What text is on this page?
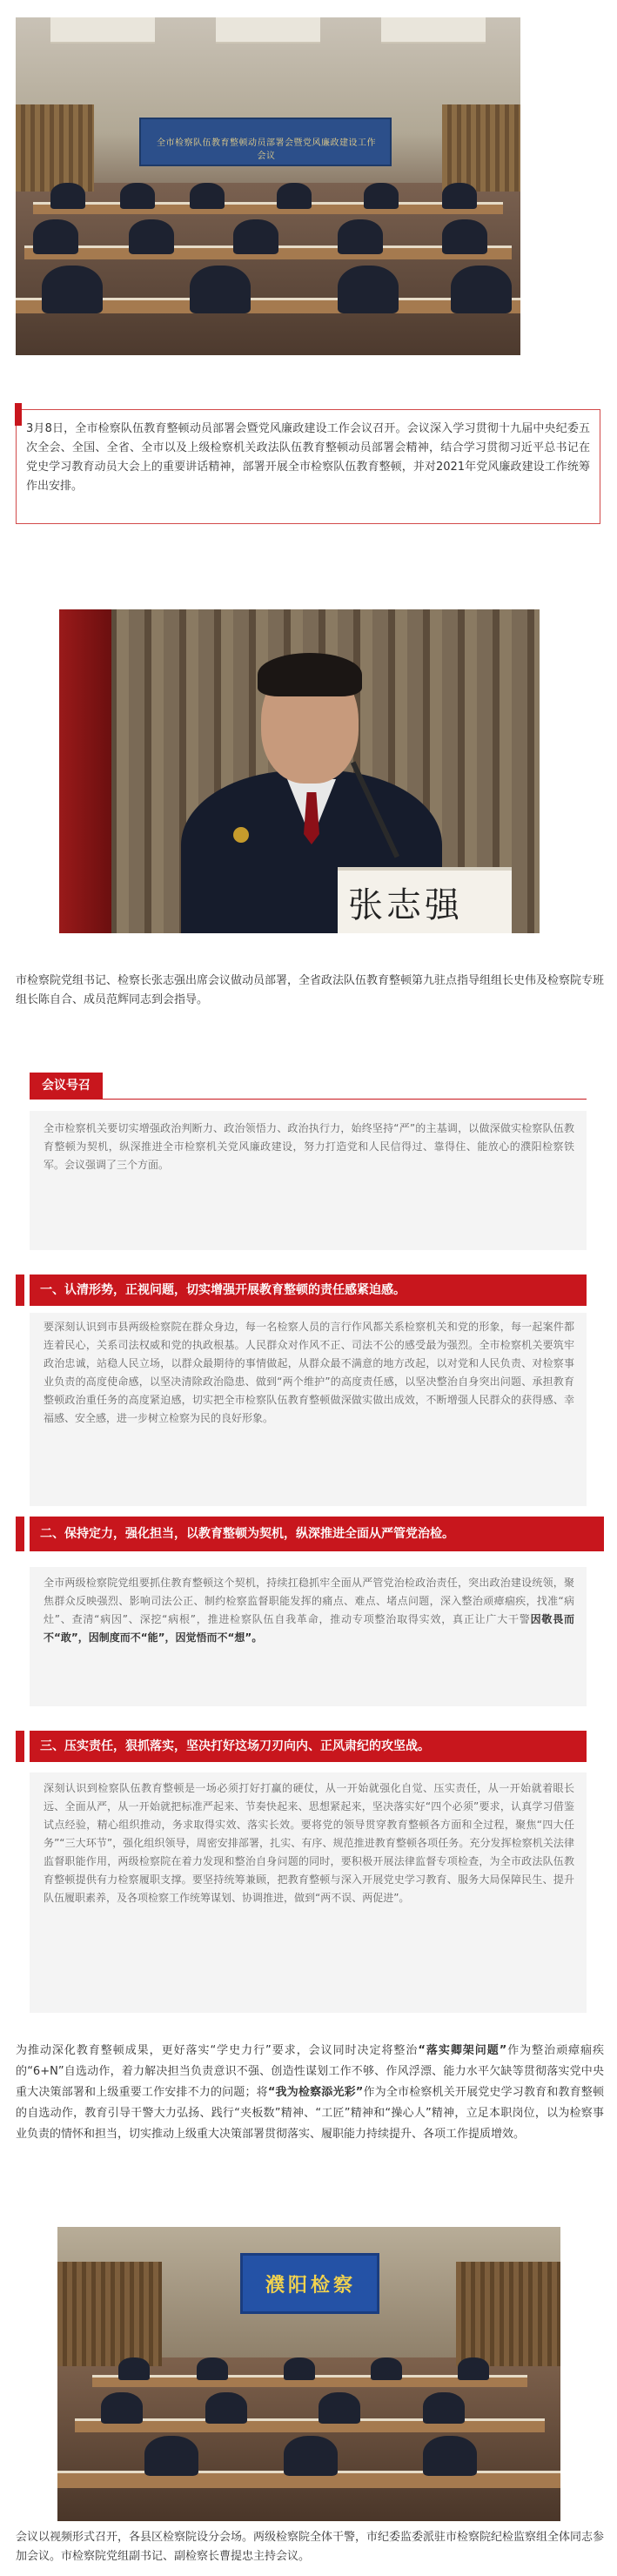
全市检察队伍教育整顿动员部署会暨党风廉政建设工作会议
3月8日，全市检察队伍教育整顿动员部署会暨党风廉政建设工作会议召开。会议深入学习贯彻十九届中央纪委五次全会、全国、全省、全市以及上级检察机关政法队伍教育整顿动员部署会精神，结合学习贯彻习近平总书记在党史学习教育动员大会上的重要讲话精神，部署开展全市检察队伍教育整顿，并对2021年党风廉政建设工作统筹作出安排。
张志强
市检察院党组书记、检察长张志强出席会议做动员部署，全省政法队伍教育整顿第九驻点指导组组长史伟及检察院专班组长陈自合、成员范辉同志到会指导。
会议号召
全市检察机关要切实增强政治判断力、政治领悟力、政治执行力，始终坚持“严”的主基调，以做深做实检察队伍教育整顿为契机，纵深推进全市检察机关党风廉政建设，努力打造党和人民信得过、靠得住、能放心的濮阳检察铁军。会议强调了三个方面。
一、认清形势，正视问题，切实增强开展教育整顿的责任感紧迫感。
要深刻认识到市县两级检察院在群众身边，每一名检察人员的言行作风都关系检察机关和党的形象，每一起案件都连着民心，关系司法权威和党的执政根基。人民群众对作风不正、司法不公的感受最为强烈。全市检察机关要筑牢政治忠诚，站稳人民立场，以群众最期待的事情做起，从群众最不满意的地方改起，以对党和人民负责、对检察事业负责的高度使命感，以坚决清除政治隐患、做到“两个维护”的高度责任感，以坚决整治自身突出问题、承担教育整顿政治重任务的高度紧迫感，切实把全市检察队伍教育整顿做深做实做出成效，不断增强人民群众的获得感、幸福感、安全感，进一步树立检察为民的良好形象。
二、保持定力，强化担当，以教育整顿为契机，纵深推进全面从严管党治检。
全市两级检察院党组要抓住教育整顿这个契机，持续扛稳抓牢全面从严管党治检政治责任，突出政治建设统领，聚焦群众反映强烈、影响司法公正、制约检察监督职能发挥的痛点、难点、堵点问题，深入整治顽瘴痼疾，找准“病灶”、查清“病因”、深挖“病根”，推进检察队伍自我革命，推动专项整治取得实效，真正让广大干警因敬畏而不“敢”，因制度而不“能”，因觉悟而不“想”。
三、压实责任，狠抓落实，坚决打好这场刀刃向内、正风肃纪的攻坚战。
深刻认识到检察队伍教育整顿是一场必须打好打赢的硬仗，从一开始就强化自觉、压实责任，从一开始就着眼长远、全面从严，从一开始就把标准严起来、节奏快起来、思想紧起来，坚决落实好“四个必须”要求，认真学习借鉴试点经验，精心组织推动，务求取得实效、落实长效。要将党的领导贯穿教育整顿各方面和全过程，聚焦“四大任务”“三大环节”，强化组织领导，周密安排部署，扎实、有序、规范推进教育整顿各项任务。充分发挥检察机关法律监督职能作用，两级检察院在着力发现和整治自身问题的同时，要积极开展法律监督专项检查，为全市政法队伍教育整顿提供有力检察履职支撑。要坚持统筹兼顾，把教育整顿与深入开展党史学习教育、服务大局保障民生、提升队伍履职素养，及各项检察工作统筹谋划、协调推进，做到“两不误、两促进”。
为推动深化教育整顿成果，更好落实“学史力行”要求，会议同时决定将整治“落实卿架问题”作为整治顽瘴痼疾的“6+N”自选动作，着力解决担当负责意识不强、创造性谋划工作不够、作风浮漂、能力水平欠缺等贯彻落实党中央重大决策部署和上级重要工作安排不力的问题；将“我为检察添光彩”作为全市检察机关开展党史学习教育和教育整顿的自选动作，教育引导干警大力弘扬、践行“夹板数”精神、“工匠”精神和“操心人”精神，立足本职岗位，以为检察事业负责的情怀和担当，切实推动上级重大决策部署贯彻落实、履职能力持续提升、各项工作提质增效。
濮阳检察
会议以视频形式召开，各县区检察院设分会场。两级检察院全体干警，市纪委监委派驻市检察院纪检监察组全体同志参加会议。市检察院党组副书记、副检察长曹提忠主持会议。
